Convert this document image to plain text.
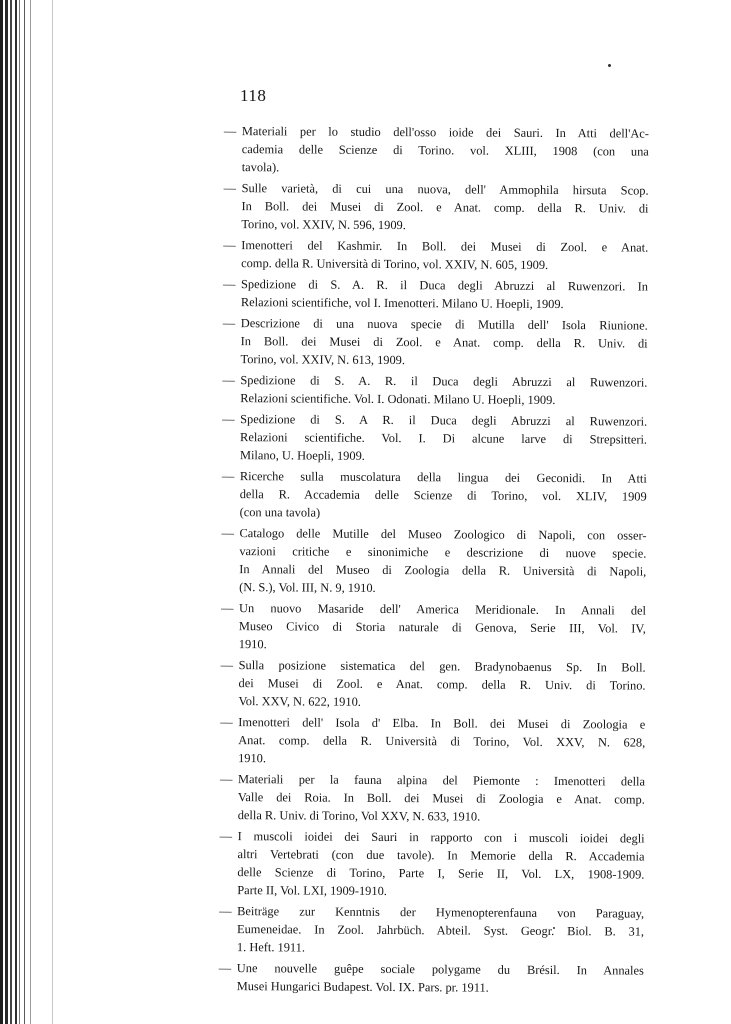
118
— Materiali per lo studio dell'osso ioide dei Sauri. In Atti dell'Ac-
cademia delle Scienze di Torino. vol. XLIII, 1908 (con una
tavola).
— Sulle varietà, di cui una nuova, dell' Ammophila hirsuta Scop.
In Boll. dei Musei di Zool. e Anat. comp. della R. Univ. di
Torino, vol. XXIV, N. 596, 1909.
— Imenotteri del Kashmir. In Boll. dei Musei di Zool. e Anat.
comp. della R. Università di Torino, vol. XXIV, N. 605, 1909.
— Spedizione di S. A. R. il Duca degli Abruzzi al Ruwenzori. In
Relazioni scientifiche, vol I. Imenotteri. Milano U. Hoepli, 1909.
— Descrizione di una nuova specie di Mutilla dell' Isola Riunione.
In Boll. dei Musei di Zool. e Anat. comp. della R. Univ. di
Torino, vol. XXIV, N. 613, 1909.
— Spedizione di S. A. R. il Duca degli Abruzzi al Ruwenzori.
Relazioni scientifiche. Vol. I. Odonati. Milano U. Hoepli, 1909.
— Spedizione di S. A R. il Duca degli Abruzzi al Ruwenzori.
Relazioni scientifiche. Vol. I. Di alcune larve di Strepsitteri.
Milano, U. Hoepli, 1909.
— Ricerche sulla muscolatura della lingua dei Geconidi. In Atti
della R. Accademia delle Scienze di Torino, vol. XLIV, 1909
(con una tavola)
— Catalogo delle Mutille del Museo Zoologico di Napoli, con osser-
vazioni critiche e sinonimiche e descrizione di nuove specie.
In Annali del Museo di Zoologia della R. Università di Napoli,
(N. S.), Vol. III, N. 9, 1910.
— Un nuovo Masaride dell' America Meridionale. In Annali del
Museo Civico di Storia naturale di Genova, Serie III, Vol. IV,
1910.
— Sulla posizione sistematica del gen. Bradynobaenus Sp. In Boll.
dei Musei di Zool. e Anat. comp. della R. Univ. di Torino.
Vol. XXV, N. 622, 1910.
— Imenotteri dell' Isola d' Elba. In Boll. dei Musei di Zoologia e
Anat. comp. della R. Università di Torino, Vol. XXV, N. 628,
1910.
— Materiali per la fauna alpina del Piemonte : Imenotteri della
Valle dei Roia. In Boll. dei Musei di Zoologia e Anat. comp.
della R. Univ. di Torino, Vol XXV, N. 633, 1910.
— I muscoli ioidei dei Sauri in rapporto con i muscoli ioidei degli
altri Vertebrati (con due tavole). In Memorie della R. Accademia
delle Scienze di Torino, Parte I, Serie II, Vol. LX, 1908-1909.
Parte II, Vol. LXI, 1909-1910.
— Beiträge zur Kenntnis der Hymenopterenfauna von Paraguay,
Eumeneidae. In Zool. Jahrbüch. Abteil. Syst. Geogr. Biol. B. 31,
1. Heft. 1911.
— Une nouvelle guêpe sociale polygame du Brésil. In Annales
Musei Hungarici Budapest. Vol. IX. Pars. pr. 1911.
